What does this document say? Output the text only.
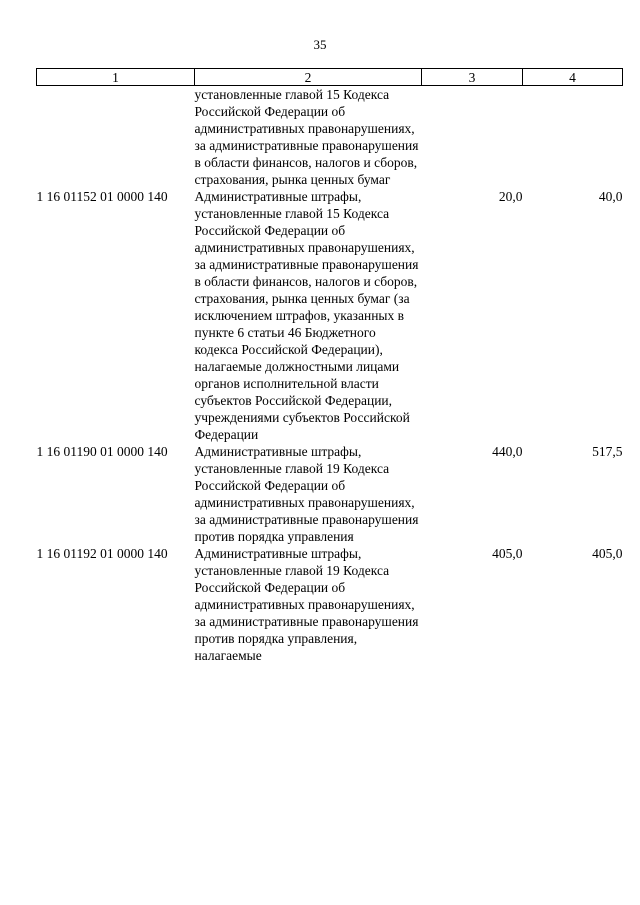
35
1	2	3	4
	установленные главой 15 Кодекса Российской Федерации об административных правонарушениях, за административные правонарушения в области финансов, налогов и сборов, страхования, рынка ценных бумаг		
1 16 01152 01 0000 140	Административные штрафы, установленные главой 15 Кодекса Российской Федерации об административных правонарушениях, за административные правонарушения в области финансов, налогов и сборов, страхования, рынка ценных бумаг (за исключением штрафов, указанных в пункте 6 статьи 46 Бюджетного кодекса Российской Федерации), налагаемые должностными лицами органов исполнительной власти субъектов Российской Федерации, учреждениями субъектов Российской Федерации	20,0	40,0
1 16 01190 01 0000 140	Административные штрафы, установленные главой 19 Кодекса Российской Федерации об административных правонарушениях, за административные правонарушения против порядка управления	440,0	517,5
1 16 01192 01 0000 140	Административные штрафы, установленные главой 19 Кодекса Российской Федерации об административных правонарушениях, за административные правонарушения против порядка управления, налагаемые	405,0	405,0
